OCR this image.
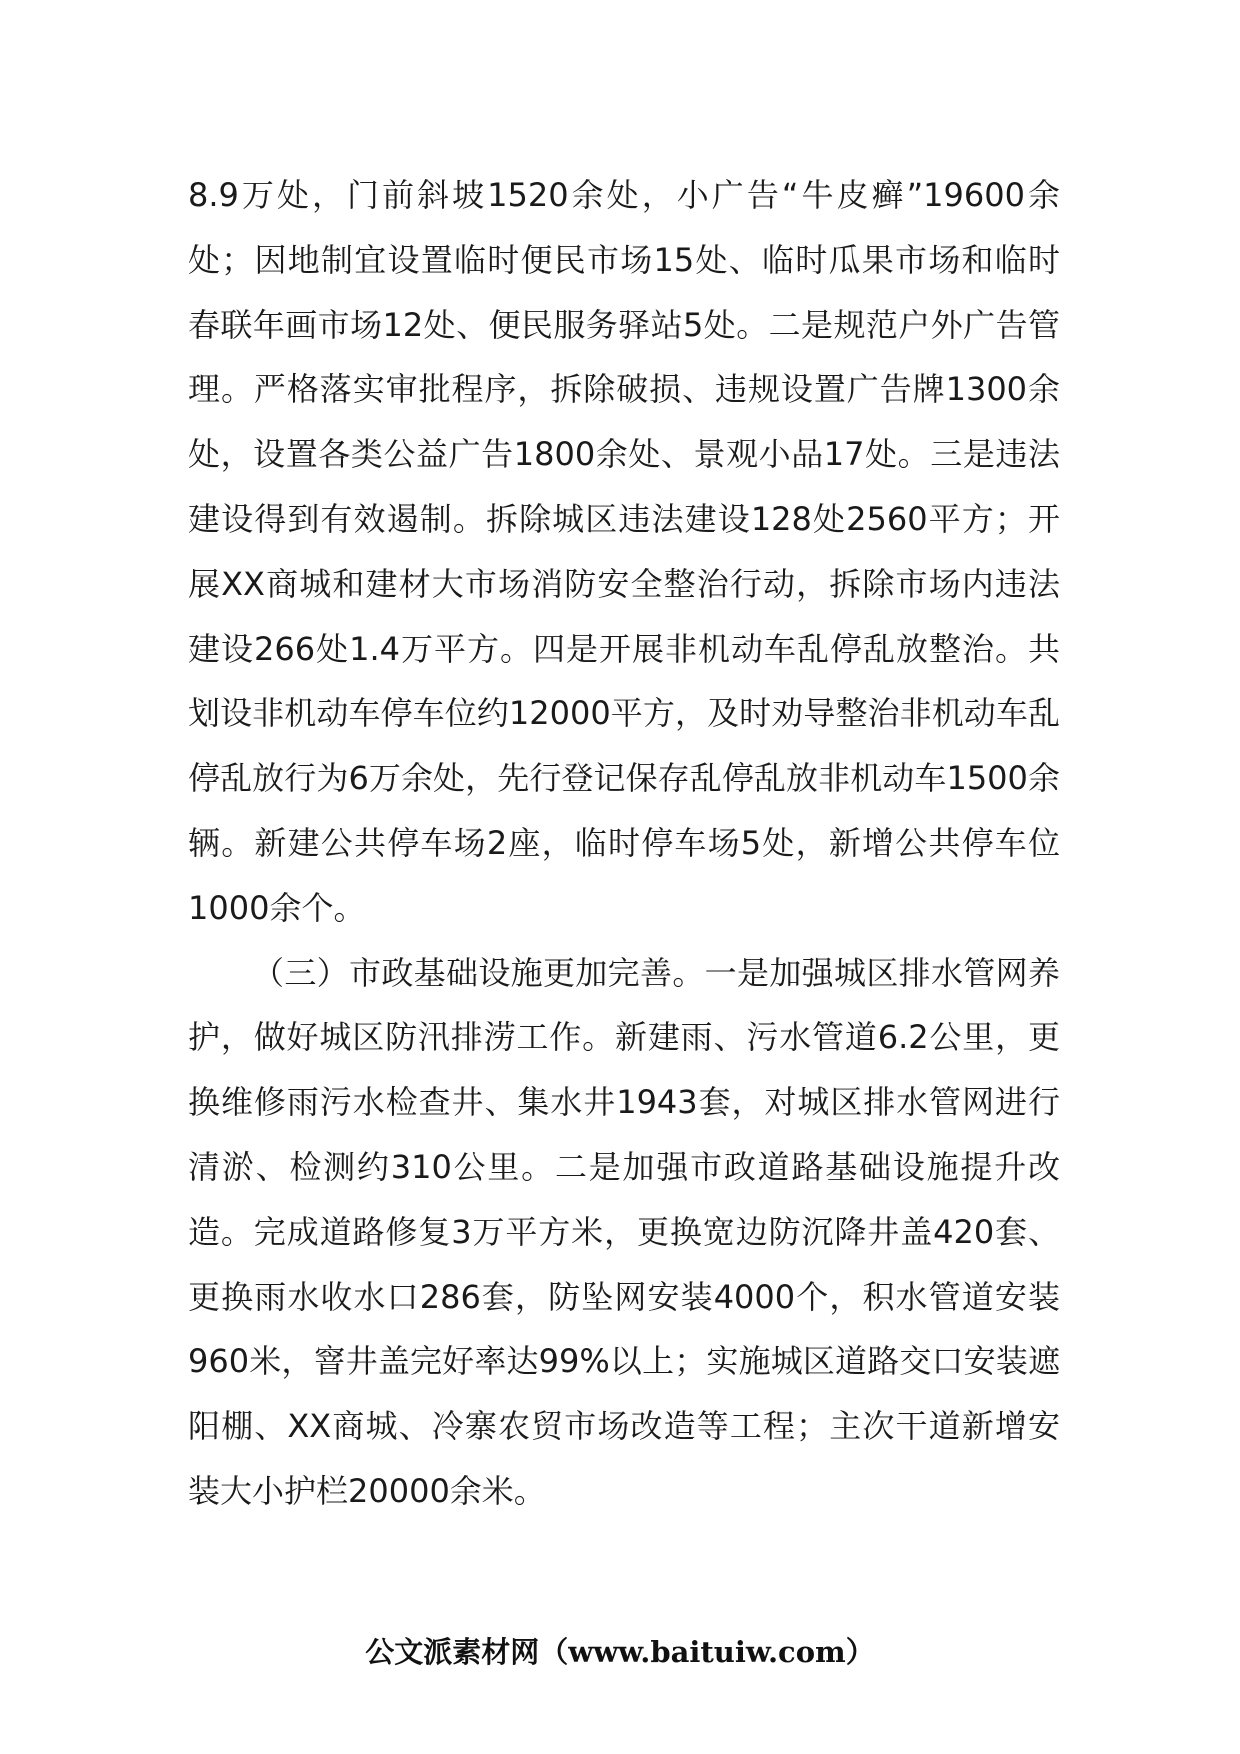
8.9万处，门前斜坡1520余处，小广告“牛皮癣”19600余处；因地制宜设置临时便民市场15处、临时瓜果市场和临时春联年画市场12处、便民服务驿站5处。二是规范户外广告管理。严格落实审批程序，拆除破损、违规设置广告牌1300余处，设置各类公益广告1800余处、景观小品17处。三是违法建设得到有效遏制。拆除城区违法建设128处2560平方；开展XX商城和建材大市场消防安全整治行动，拆除市场内违法建设266处1.4万平方。四是开展非机动车乱停乱放整治。共划设非机动车停车位约12000平方，及时劝导整治非机动车乱停乱放行为6万余处，先行登记保存乱停乱放非机动车1500余辆。新建公共停车场2座，临时停车场5处，新增公共停车位1000余个。

（三）市政基础设施更加完善。一是加强城区排水管网养护，做好城区防汛排涝工作。新建雨、污水管道6.2公里，更换维修雨污水检查井、集水井1943套，对城区排水管网进行清淤、检测约310公里。二是加强市政道路基础设施提升改造。完成道路修复3万平方米，更换宽边防沉降井盖420套、更换雨水收水口286套，防坠网安装4000个，积水管道安装960米，窨井盖完好率达99%以上；实施城区道路交口安装遮阳棚、XX商城、冷寨农贸市场改造等工程；主次干道新增安装大小护栏20000余米。

公文派素材网（www.baituiw.com）
